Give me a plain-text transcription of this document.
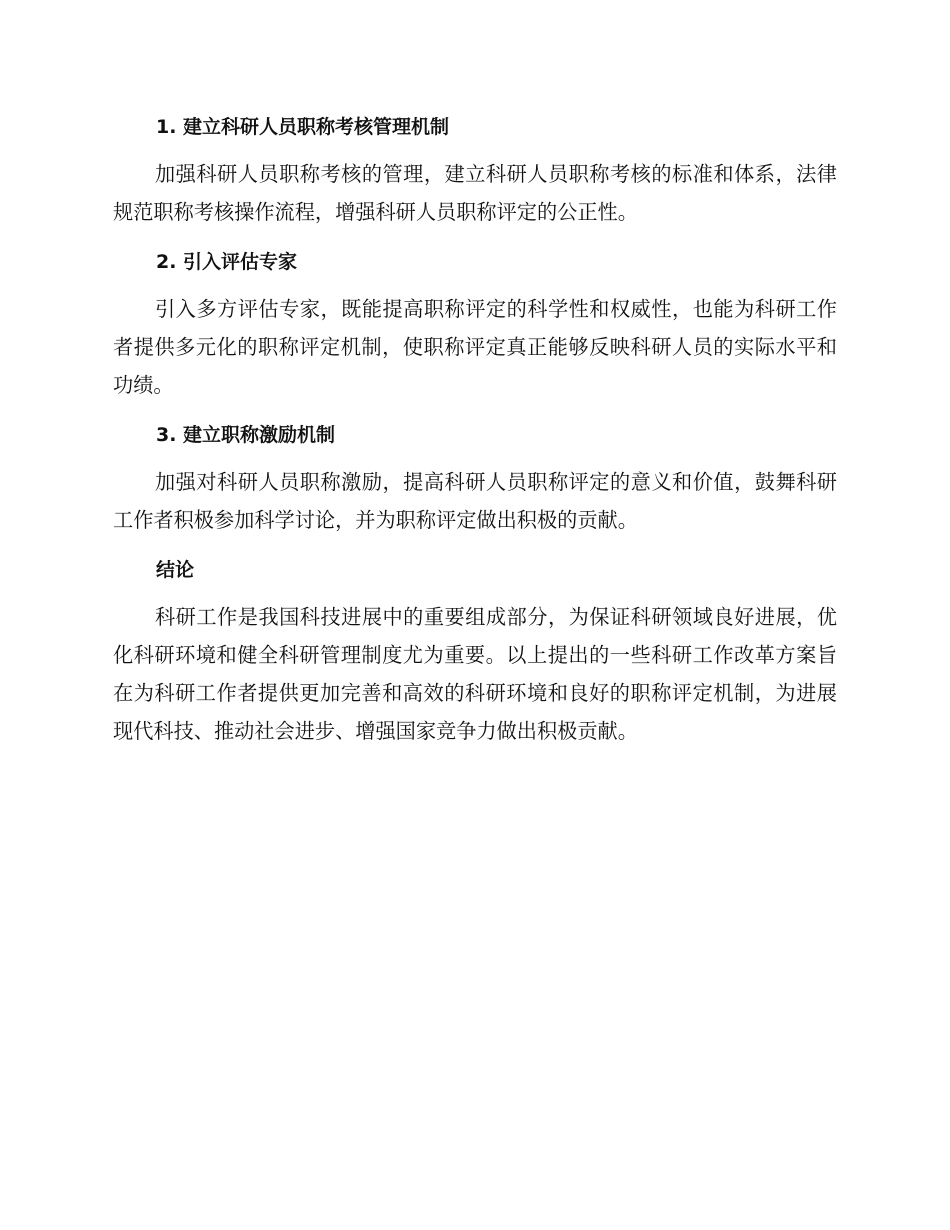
1. 建立科研人员职称考核管理机制

加强科研人员职称考核的管理，建立科研人员职称考核的标准和体系，法律规范职称考核操作流程，增强科研人员职称评定的公正性。

2. 引入评估专家

引入多方评估专家，既能提高职称评定的科学性和权威性，也能为科研工作者提供多元化的职称评定机制，使职称评定真正能够反映科研人员的实际水平和功绩。

3. 建立职称激励机制

加强对科研人员职称激励，提高科研人员职称评定的意义和价值，鼓舞科研工作者积极参加科学讨论，并为职称评定做出积极的贡献。

结论

科研工作是我国科技进展中的重要组成部分，为保证科研领域良好进展，优化科研环境和健全科研管理制度尤为重要。以上提出的一些科研工作改革方案旨在为科研工作者提供更加完善和高效的科研环境和良好的职称评定机制，为进展现代科技、推动社会进步、增强国家竞争力做出积极贡献。
